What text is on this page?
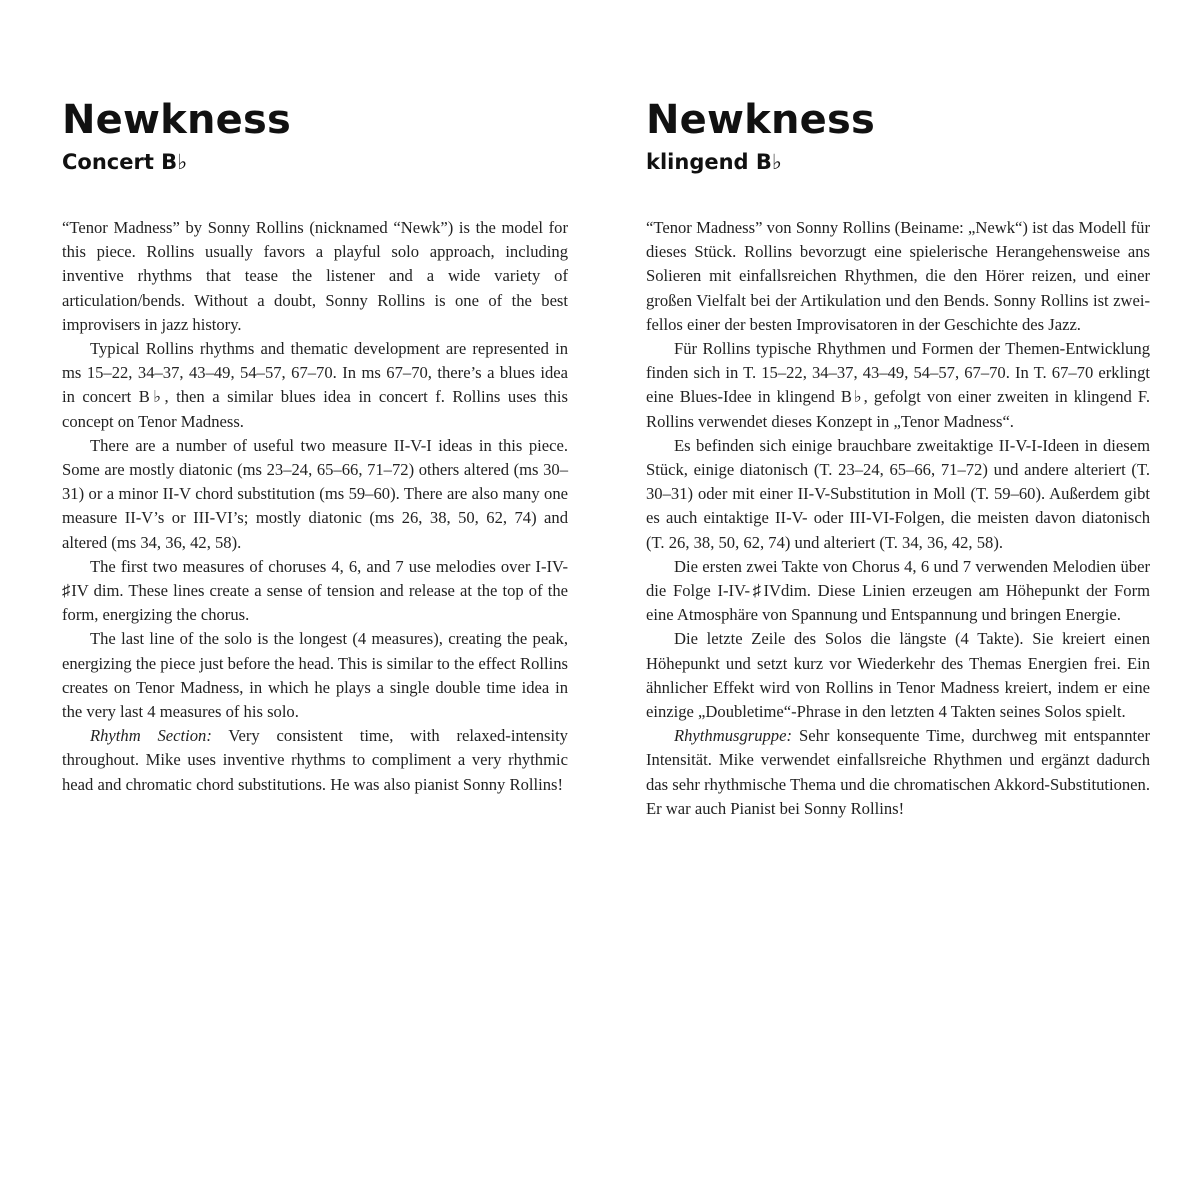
Newkness
Concert B♭

“Tenor Madness” by Sonny Rollins (nicknamed “Newk”) is the model for this piece. Rollins usually favors a playful solo approach, including inventive rhythms that tease the listener and a wide variety of articulation/bends. Without a doubt, Sonny Rollins is one of the best improvisers in jazz history.

Typical Rollins rhythms and thematic development are represented in ms 15–22, 34–37, 43–49, 54–57, 67–70. In ms 67–70, there’s a blues idea in concert B♭, then a similar blues idea in concert f. Rollins uses this concept on Tenor Madness.

There are a number of useful two measure II-V-I ideas in this piece. Some are mostly diatonic (ms 23–24, 65–66, 71–72) others altered (ms 30–31) or a minor II-V chord substitution (ms 59–60). There are also many one measure II-V’s or III-VI’s; mostly diatonic (ms 26, 38, 50, 62, 74) and altered (ms 34, 36, 42, 58).

The first two measures of choruses 4, 6, and 7 use melodies over I-IV-♯IV dim. These lines create a sense of tension and release at the top of the form, energizing the chorus.

The last line of the solo is the longest (4 measures), creating the peak, energizing the piece just before the head. This is similar to the effect Rollins creates on Tenor Madness, in which he plays a single double time idea in the very last 4 measures of his solo.

Rhythm Section: Very consistent time, with relaxed-intensity throughout. Mike uses inventive rhythms to compliment a very rhythmic head and chromatic chord substitutions. He was also pianist Sonny Rollins!

Newkness
klingend B♭

“Tenor Madness” von Sonny Rollins (Beiname: „Newk“) ist das Modell für dieses Stück. Rollins bevorzugt eine spielerische Herangehensweise ans Solieren mit einfallsreichen Rhythmen, die den Hörer reizen, und einer großen Vielfalt bei der Artikulation und den Bends. Sonny Rollins ist zweifellos einer der besten Improvisatoren in der Geschichte des Jazz.

Für Rollins typische Rhythmen und Formen der Themen-Entwicklung finden sich in T. 15–22, 34–37, 43–49, 54–57, 67–70. In T. 67–70 erklingt eine Blues-Idee in klingend B♭, gefolgt von einer zweiten in klingend F. Rollins verwendet dieses Konzept in „Tenor Madness“.

Es befinden sich einige brauchbare zweitaktige II-V-I-Ideen in diesem Stück, einige diatonisch (T. 23–24, 65–66, 71–72) und andere alteriert (T. 30–31) oder mit einer II-V-Substitution in Moll (T. 59–60). Außerdem gibt es auch eintaktige II-V- oder III-VI-Folgen, die meisten davon diatonisch (T. 26, 38, 50, 62, 74) und alteriert (T. 34, 36, 42, 58).

Die ersten zwei Takte von Chorus 4, 6 und 7 verwenden Melodien über die Folge I-IV-♯IVdim. Diese Linien erzeugen am Höhepunkt der Form eine Atmosphäre von Spannung und Entspannung und bringen Energie.

Die letzte Zeile des Solos die längste (4 Takte). Sie kreiert einen Höhepunkt und setzt kurz vor Wiederkehr des Themas Energien frei. Ein ähnlicher Effekt wird von Rollins in Tenor Madness kreiert, indem er eine einzige „Doubletime“-Phrase in den letzten 4 Takten seines Solos spielt.

Rhythmusgruppe: Sehr konsequente Time, durchweg mit entspannter Intensität. Mike verwendet einfallsreiche Rhythmen und ergänzt dadurch das sehr rhythmische Thema und die chromatischen Akkord-Substitutionen. Er war auch Pianist bei Sonny Rollins!
